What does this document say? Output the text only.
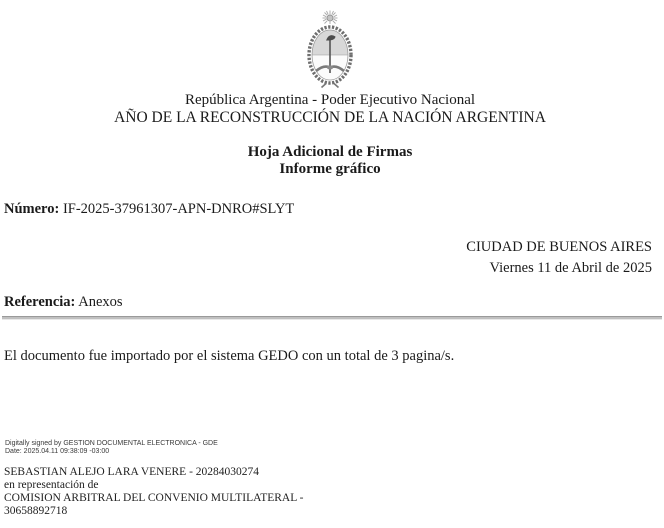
República Argentina - Poder Ejecutivo Nacional
AÑO DE LA RECONSTRUCCIÓN DE LA NACIÓN ARGENTINA
Hoja Adicional de Firmas
Informe gráfico
Número: IF-2025-37961307-APN-DNRO#SLYT
CIUDAD DE BUENOS AIRES
Viernes 11 de Abril de 2025
Referencia: Anexos
El documento fue importado por el sistema GEDO con un total de 3 pagina/s.
Digitally signed by GESTION DOCUMENTAL ELECTRONICA - GDE
Date: 2025.04.11 09:38:09 -03:00
SEBASTIAN ALEJO LARA VENERE - 20284030274
en representación de
COMISION ARBITRAL DEL CONVENIO MULTILATERAL -
30658892718
